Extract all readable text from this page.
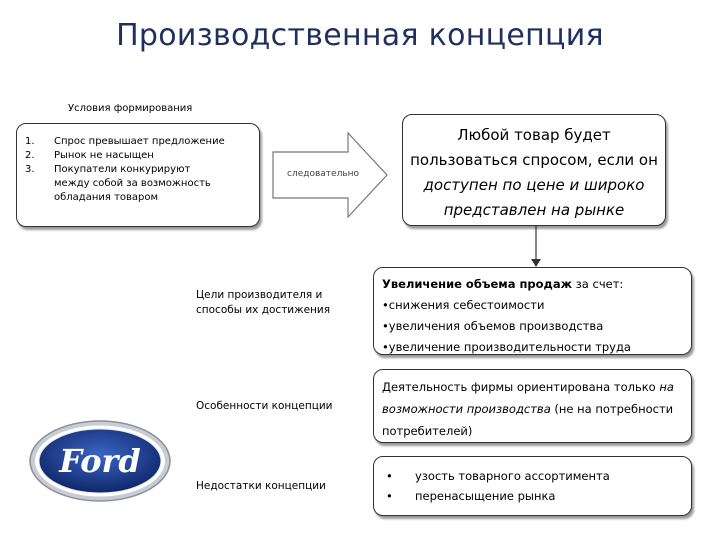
Производственная концепция
Условия формирования
1.	Спрос превышает предложение
2.	Рынок не насыщен
3.	Покупатели конкурируют между собой за возможность обладания товаром
следовательно
Любой товар будет пользоваться спросом, если он
доступен по цене и широко представлен на рынке
Цели производителя и способы их достижения
Увеличение объема продаж за счет:
•снижения себестоимости
•увеличения объемов производства
•увеличение производительности труда
Особенности концепции
Деятельность фирмы ориентирована только на возможности производства (не на потребности потребителей)
Недостатки концепции
•	узость товарного ассортимента
•	перенасыщение рынка
Ford
